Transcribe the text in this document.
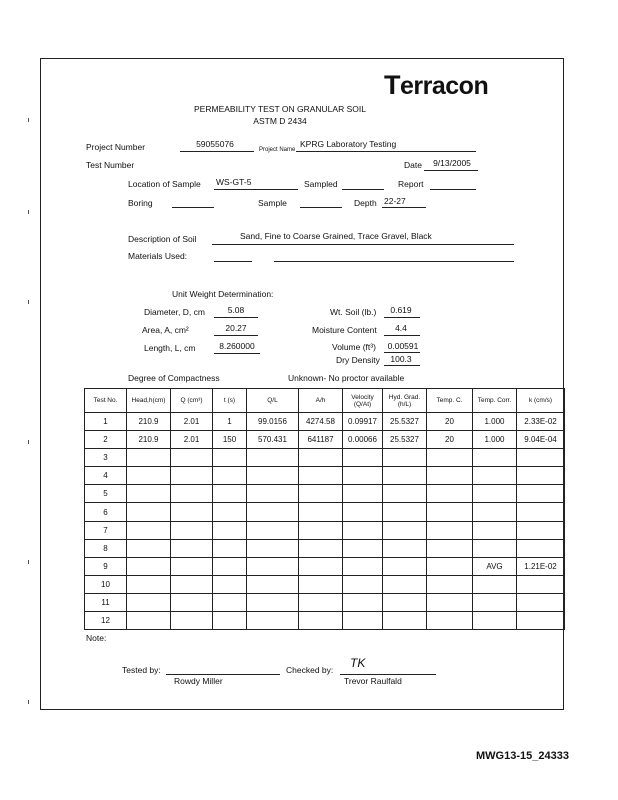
Terracon
PERMEABILITY TEST ON GRANULAR SOIL
ASTM D 2434
Project Number	59055076
Project Name
KPRG Laboratory Testing
Test Number	Date	9/13/2005
Location of Sample WS-GT-5	Sampled	Report
Boring	Sample	Depth 22-27
Description of Soil	Sand, Fine to Coarse Grained, Trace Gravel, Black
Materials Used:
Unit Weight Determination:
Diameter, D, cm	5.08	Wt. Soil (lb.)	0.619
Area, A, cm²	20.27	Moisture Content	4.4
Length, L, cm	8.260000	Volume (ft³) 0.00591
Dry Density	100.3
Degree of Compactness	Unknown- No proctor available
Test No.	Head,h(cm)	Q (cm³)	t (s)	Q/L	A/h	Velocity (Q/At)	Hyd. Grad. (h/L)	Temp. C.	Temp. Corr.	k (cm/s)
1	210.9	2.01	1	99.0156	4274.58	0.09917	25.5327	20	1.000	2.33E-02
2	210.9	2.01	150	570.431	641187	0.00066	25.5327	20	1.000	9.04E-04
3										
4										
5										
6										
7										
8										
9									AVG	1.21E-02
10										
11										
12										
Note:
Tested by:
Rowdy Miller
Checked by: TK
Trevor Raulfald
MWG13-15_24333
